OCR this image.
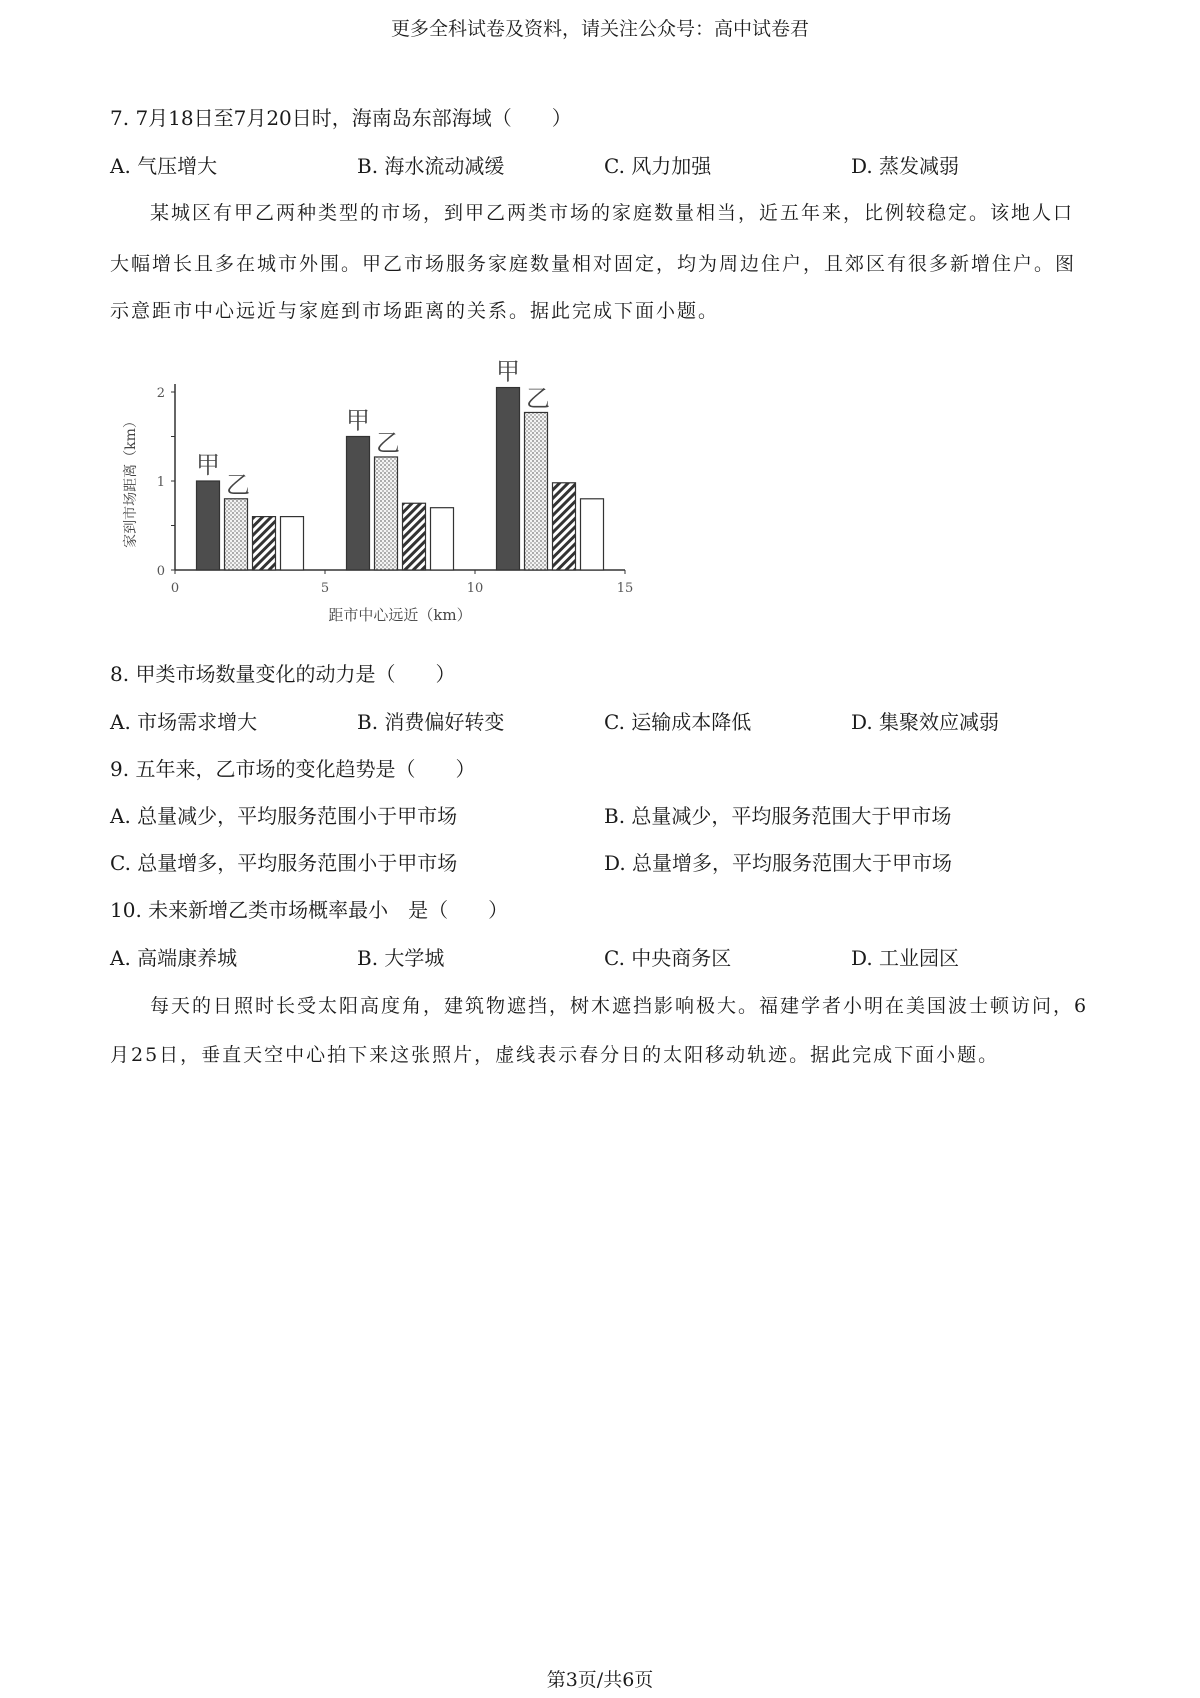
更多全科试卷及资料，请关注公众号：高中试卷君
7. 7月18日至7月20日时，海南岛东部海域（　　）
A. 气压增大	B. 海水流动减缓	C. 风力加强	D. 蒸发减弱
某城区有甲乙两种类型的市场，到甲乙两类市场的家庭数量相当，近五年来，比例较稳定。该地人口
大幅增长且多在城市外围。甲乙市场服务家庭数量相对固定，均为周边住户，且郊区有很多新增住户。图
示意距市中心远近与家庭到市场距离的关系。据此完成下面小题。
0
1
2
0	5	10	15
距市中心远近（km）
家到市场距离（km） 甲
乙
甲
乙
甲
乙
8. 甲类市场数量变化的动力是（　　）
A. 市场需求增大	B. 消费偏好转变	C. 运输成本降低	D. 集聚效应减弱
9. 五年来，乙市场的变化趋势是（　　）
A. 总量减少，平均服务范围小于甲市场	B. 总量减少，平均服务范围大于甲市场
C. 总量增多，平均服务范围小于甲市场	D. 总量增多，平均服务范围大于甲市场
10. 未来新增乙类市场概率最小　是（　　）
A. 高端康养城	B. 大学城	C. 中央商务区	D. 工业园区
每天的日照时长受太阳高度角，建筑物遮挡，树木遮挡影响极大。福建学者小明在美国波士顿访问，6
月25日，垂直天空中心拍下来这张照片，虚线表示春分日的太阳移动轨迹。据此完成下面小题。
第3页/共6页
